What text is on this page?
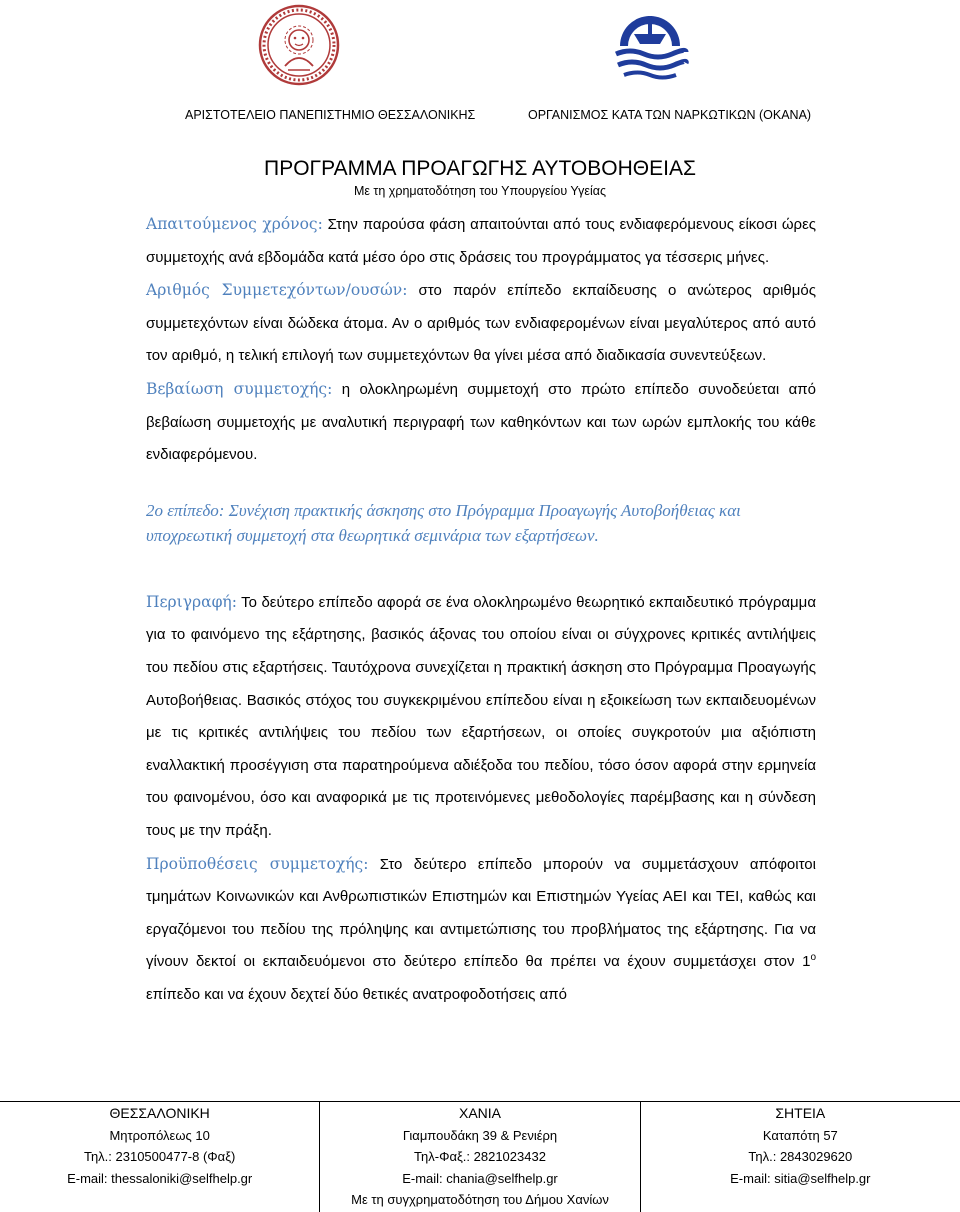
ΑΡΙΣΤΟΤΕΛΕΙΟ ΠΑΝΕΠΙΣΤΗΜΙΟ ΘΕΣΣΑΛΟΝΙΚΗΣ	ΟΡΓΑΝΙΣΜΟΣ ΚΑΤΑ ΤΩΝ ΝΑΡΚΩΤΙΚΩΝ (ΟΚΑΝΑ)
ΠΡΟΓΡΑΜΜΑ ΠΡΟΑΓΩΓΗΣ ΑΥΤΟΒΟΗΘΕΙΑΣ
Με τη χρηματοδότηση του Υπουργείου Υγείας

Απαιτούμενος χρόνος: Στην παρούσα φάση απαιτούνται από τους ενδιαφερόμενους είκοσι ώρες συμμετοχής ανά εβδομάδα κατά μέσο όρο στις δράσεις του προγράμματος γα τέσσερις μήνες.

Αριθμός Συμμετεχόντων/ουσών: στο παρόν επίπεδο εκπαίδευσης ο ανώτερος αριθμός συμμετεχόντων είναι δώδεκα άτομα. Αν ο αριθμός των ενδιαφερομένων είναι μεγαλύτερος από αυτό τον αριθμό, η τελική επιλογή των συμμετεχόντων θα γίνει μέσα από διαδικασία συνεντεύξεων.

Βεβαίωση συμμετοχής: η ολοκληρωμένη συμμετοχή στο πρώτο επίπεδο συνοδεύεται από βεβαίωση συμμετοχής με αναλυτική περιγραφή των καθηκόντων και των ωρών εμπλοκής του κάθε ενδιαφερόμενου.

2ο επίπεδο: Συνέχιση πρακτικής άσκησης στο Πρόγραμμα Προαγωγής Αυτοβοήθειας και υποχρεωτική συμμετοχή στα θεωρητικά σεμινάρια των εξαρτήσεων.

Περιγραφή: Το δεύτερο επίπεδο αφορά σε ένα ολοκληρωμένο θεωρητικό εκπαιδευτικό πρόγραμμα για το φαινόμενο της εξάρτησης, βασικός άξονας του οποίου είναι οι σύγχρονες κριτικές αντιλήψεις του πεδίου στις εξαρτήσεις. Ταυτόχρονα συνεχίζεται η πρακτική άσκηση στο Πρόγραμμα Προαγωγής Αυτοβοήθειας. Βασικός στόχος του συγκεκριμένου επίπεδου είναι η εξοικείωση των εκπαιδευομένων με τις κριτικές αντιλήψεις του πεδίου των εξαρτήσεων, οι οποίες συγκροτούν μια αξιόπιστη εναλλακτική προσέγγιση στα παρατηρούμενα αδιέξοδα του πεδίου, τόσο όσον αφορά στην ερμηνεία του φαινομένου, όσο και αναφορικά με τις προτεινόμενες μεθοδολογίες παρέμβασης και η σύνδεση τους με την πράξη.

Προϋποθέσεις συμμετοχής: Στο δεύτερο επίπεδο μπορούν να συμμετάσχουν απόφοιτοι τμημάτων Κοινωνικών και Ανθρωπιστικών Επιστημών και Επιστημών Υγείας ΑΕΙ και ΤΕΙ, καθώς και εργαζόμενοι του πεδίου της πρόληψης και αντιμετώπισης του προβλήματος της εξάρτησης. Για να γίνουν δεκτοί οι εκπαιδευόμενοι στο δεύτερο επίπεδο θα πρέπει να έχουν συμμετάσχει στον $1^o$ επίπεδο και να έχουν δεχτεί δύο θετικές ανατροφοδοτήσεις από

ΘΕΣΣΑΛΟΝΙΚΗ
Μητροπόλεως 10
Τηλ.: 2310500477-8 (Φαξ)
E-mail: thessaloniki@selfhelp.gr
ΧΑΝΙΑ
Γιαμπουδάκη 39 & Ρενιέρη
Τηλ-Φαξ.: 2821023432
E-mail: chania@selfhelp.gr
Με τη συγχρηματοδότηση του Δήμου Χανίων
ΣΗΤΕΙΑ
Καταπότη 57
Τηλ.: 2843029620
E-mail: sitia@selfhelp.gr
